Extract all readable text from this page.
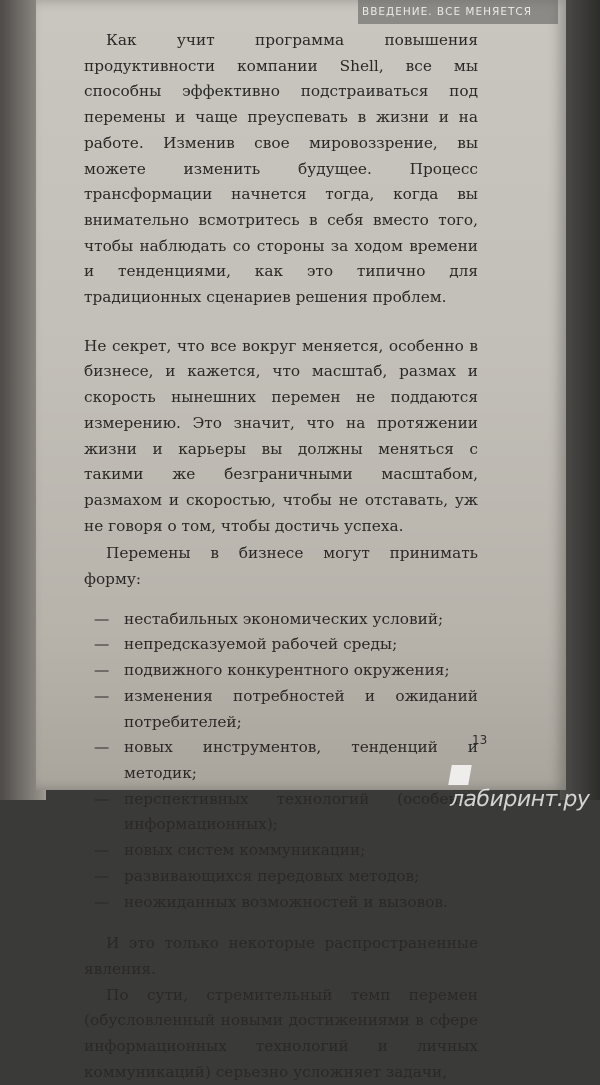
ВВЕДЕНИЕ. ВСЕ МЕНЯЕТСЯ

Как учит программа повышения продуктивности компании Shell, все мы способны эффективно подстраиваться под перемены и чаще преуспевать в жизни и на работе. Изменив свое мировоззрение, вы можете изменить будущее. Процесс трансформации начнется тогда, когда вы внимательно всмотритесь в себя вместо того, чтобы наблюдать со стороны за ходом времени и тенденциями, как это типично для традиционных сценариев решения проблем.

Не секрет, что все вокруг меняется, особенно в бизнесе, и кажется, что масштаб, размах и скорость нынешних перемен не поддаются измерению. Это значит, что на протяжении жизни и карьеры вы должны меняться с такими же безграничными масштабом, размахом и скоростью, чтобы не отставать, уж не говоря о том, чтобы достичь успеха.

Перемены в бизнесе могут принимать форму:

— нестабильных экономических условий;
— непредсказуемой рабочей среды;
— подвижного конкурентного окружения;
— изменения потребностей и ожиданий потребителей;
— новых инструментов, тенденций и методик;
— перспективных технологий (особенно информационных);
— новых систем коммуникации;
— развивающихся передовых методов;
— неожиданных возможностей и вызовов.

И это только некоторые распространенные явления.

По сути, стремительный темп перемен (обусловленный новыми достижениями в сфере информационных технологий и личных коммуникаций) серьезно усложняет задачи,

13
лабиринт.ру
